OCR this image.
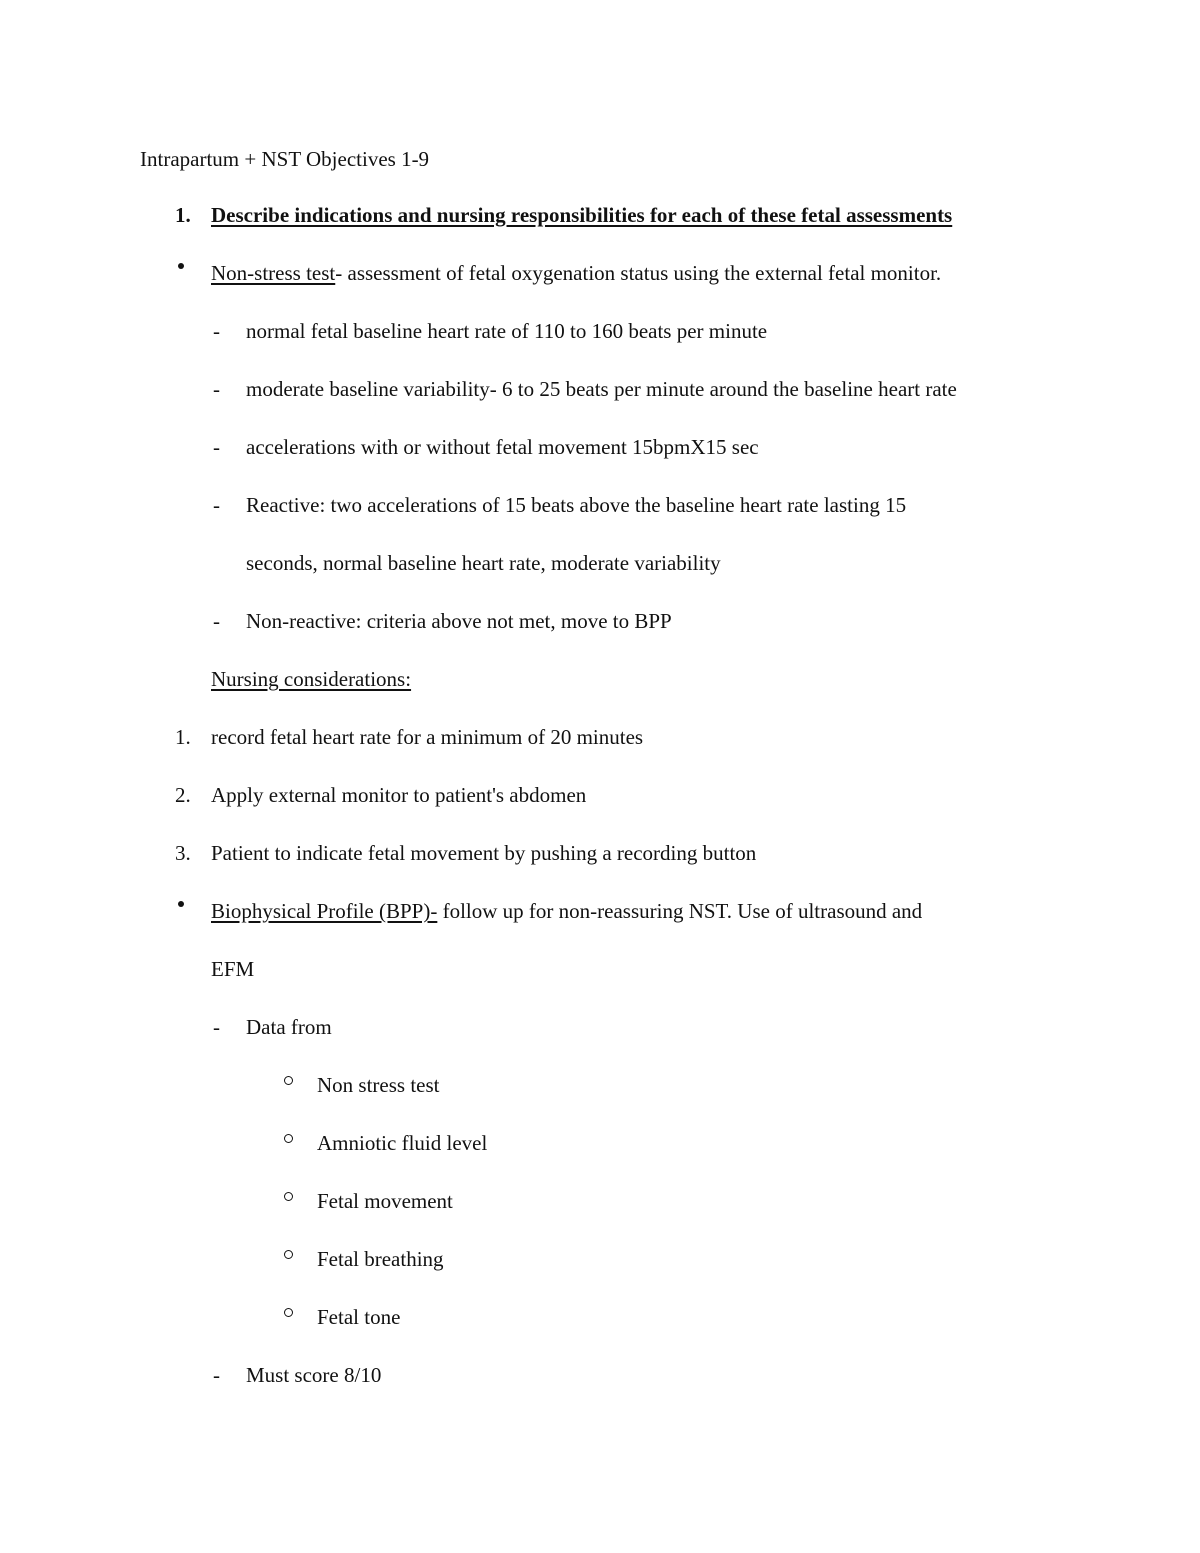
Intrapartum + NST Objectives 1-9
1. Describe indications and nursing responsibilities for each of these fetal assessments
Non-stress test- assessment of fetal oxygenation status using the external fetal monitor.
- normal fetal baseline heart rate of 110 to 160 beats per minute
- moderate baseline variability- 6 to 25 beats per minute around the baseline heart rate
- accelerations with or without fetal movement 15bpmX15 sec
- Reactive: two accelerations of 15 beats above the baseline heart rate lasting 15
seconds, normal baseline heart rate, moderate variability
- Non-reactive: criteria above not met, move to BPP
Nursing considerations:
1. record fetal heart rate for a minimum of 20 minutes
2. Apply external monitor to patient's abdomen
3. Patient to indicate fetal movement by pushing a recording button
Biophysical Profile (BPP)- follow up for non-reassuring NST. Use of ultrasound and
EFM
- Data from
Non stress test
Amniotic fluid level
Fetal movement
Fetal breathing
Fetal tone
- Must score 8/10
